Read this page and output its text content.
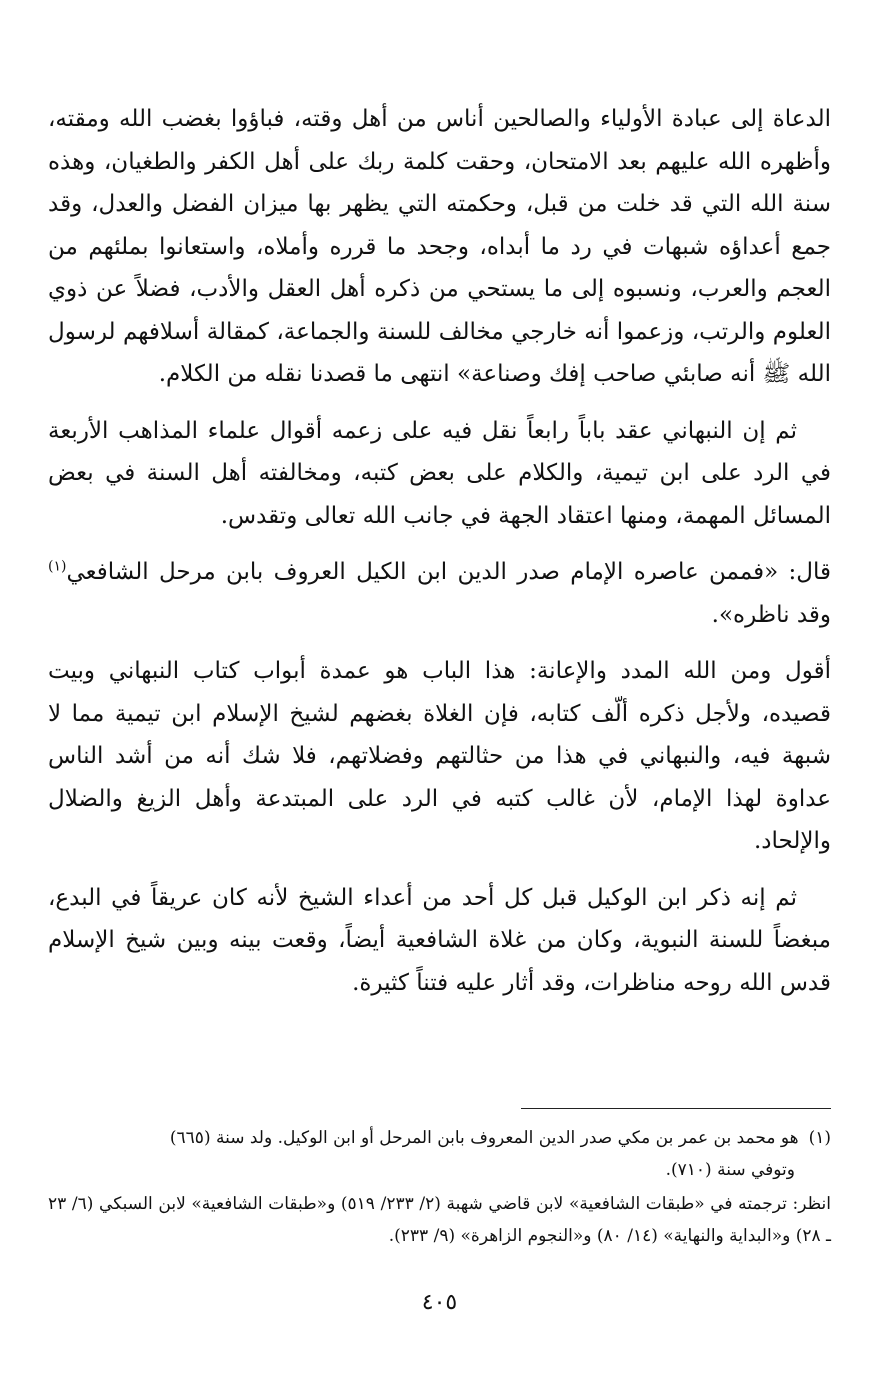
الدعاة إلى عبادة الأولياء والصالحين أناس من أهل وقته، فباؤوا بغضب الله ومقته، وأظهره الله عليهم بعد الامتحان، وحقت كلمة ربك على أهل الكفر والطغيان، وهذه سنة الله التي قد خلت من قبل، وحكمته التي يظهر بها ميزان الفضل والعدل، وقد جمع أعداؤه شبهات في رد ما أبداه، وجحد ما قرره وأملاه، واستعانوا بملئهم من العجم والعرب، ونسبوه إلى ما يستحي من ذكره أهل العقل والأدب، فضلاً عن ذوي العلوم والرتب، وزعموا أنه خارجي مخالف للسنة والجماعة، كمقالة أسلافهم لرسول الله ﷺ أنه صابئي صاحب إفك وصناعة» انتهى ما قصدنا نقله من الكلام.

ثم إن النبهاني عقد باباً رابعاً نقل فيه على زعمه أقوال علماء المذاهب الأربعة في الرد على ابن تيمية، والكلام على بعض كتبه، ومخالفته أهل السنة في بعض المسائل المهمة، ومنها اعتقاد الجهة في جانب الله تعالى وتقدس.

قال: «فممن عاصره الإمام صدر الدين ابن الكيل العروف بابن مرحل الشافعي$^{(١)}$ وقد ناظره».

أقول ومن الله المدد والإعانة: هذا الباب هو عمدة أبواب كتاب النبهاني وبيت قصيده، ولأجل ذكره ألّف كتابه، فإن الغلاة بغضهم لشيخ الإسلام ابن تيمية مما لا شبهة فيه، والنبهاني في هذا من حثالتهم وفضلاتهم، فلا شك أنه من أشد الناس عداوة لهذا الإمام، لأن غالب كتبه في الرد على المبتدعة وأهل الزيغ والضلال والإلحاد.

ثم إنه ذكر ابن الوكيل قبل كل أحد من أعداء الشيخ لأنه كان عريقاً في البدع، مبغضاً للسنة النبوية، وكان من غلاة الشافعية أيضاً، وقعت بينه وبين شيخ الإسلام قدس الله روحه مناظرات، وقد أثار عليه فتناً كثيرة.

(١)هو محمد بن عمر بن مكي صدر الدين المعروف بابن المرحل أو ابن الوكيل. ولد سنة (٦٦٥)
وتوفي سنة (٧١٠).

انظر: ترجمته في «طبقات الشافعية» لابن قاضي شهبة (٢/ ٢٣٣/ ٥١٩) و«طبقات الشافعية» لابن السبكي (٦/ ٢٣ ـ ٢٨) و«البداية والنهاية» (١٤/ ٨٠) و«النجوم الزاهرة» (٩/ ٢٣٣).

٤٠٥
